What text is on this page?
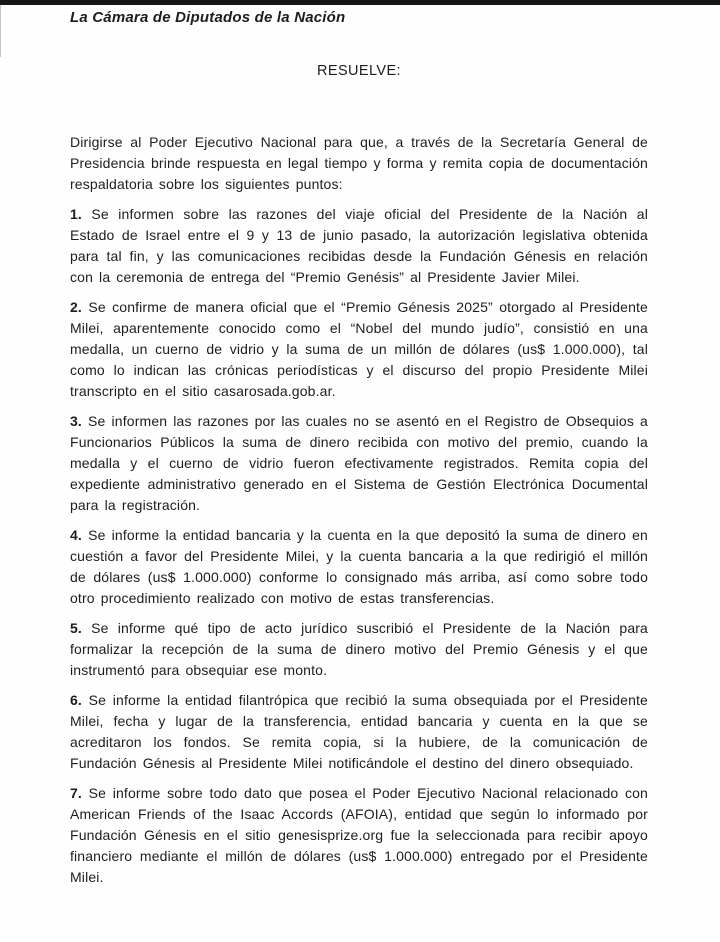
La Cámara de Diputados de la Nación
RESUELVE:

Dirigirse al Poder Ejecutivo Nacional para que, a través de la Secretaría General de Presidencia brinde respuesta en legal tiempo y forma y remita copia de documentación respaldatoria sobre los siguientes puntos:

1. Se informen sobre las razones del viaje oficial del Presidente de la Nación al Estado de Israel entre el 9 y 13 de junio pasado, la autorización legislativa obtenida para tal fin, y las comunicaciones recibidas desde la Fundación Génesis en relación con la ceremonia de entrega del “Premio Genésis” al Presidente Javier Milei.

2. Se confirme de manera oficial que el “Premio Génesis 2025” otorgado al Presidente Milei, aparentemente conocido como el “Nobel del mundo judío”, consistió en una medalla, un cuerno de vidrio y la suma de un millón de dólares (us$ 1.000.000), tal como lo indican las crónicas periodísticas y el discurso del propio Presidente Milei transcripto en el sitio casarosada.gob.ar.

3. Se informen las razones por las cuales no se asentó en el Registro de Obsequios a Funcionarios Públicos la suma de dinero recibida con motivo del premio, cuando la medalla y el cuerno de vidrio fueron efectivamente registrados. Remita copia del expediente administrativo generado en el Sistema de Gestión Electrónica Documental para la registración.

4. Se informe la entidad bancaria y la cuenta en la que depositó la suma de dinero en cuestión a favor del Presidente Milei, y la cuenta bancaria a la que redirigió el millón de dólares (us$ 1.000.000) conforme lo consignado más arriba, así como sobre todo otro procedimiento realizado con motivo de estas transferencias.

5. Se informe qué tipo de acto jurídico suscribió el Presidente de la Nación para formalizar la recepción de la suma de dinero motivo del Premio Génesis y el que instrumentó para obsequiar ese monto.

6. Se informe la entidad filantrópica que recibió la suma obsequiada por el Presidente Milei, fecha y lugar de la transferencia, entidad bancaria y cuenta en la que se acreditaron los fondos. Se remita copia, si la hubiere, de la comunicación de Fundación Génesis al Presidente Milei notificándole el destino del dinero obsequiado.

7. Se informe sobre todo dato que posea el Poder Ejecutivo Nacional relacionado con American Friends of the Isaac Accords (AFOIA), entidad que según lo informado por Fundación Génesis en el sitio genesisprize.org fue la seleccionada para recibir apoyo financiero mediante el millón de dólares (us$ 1.000.000) entregado por el Presidente Milei.
